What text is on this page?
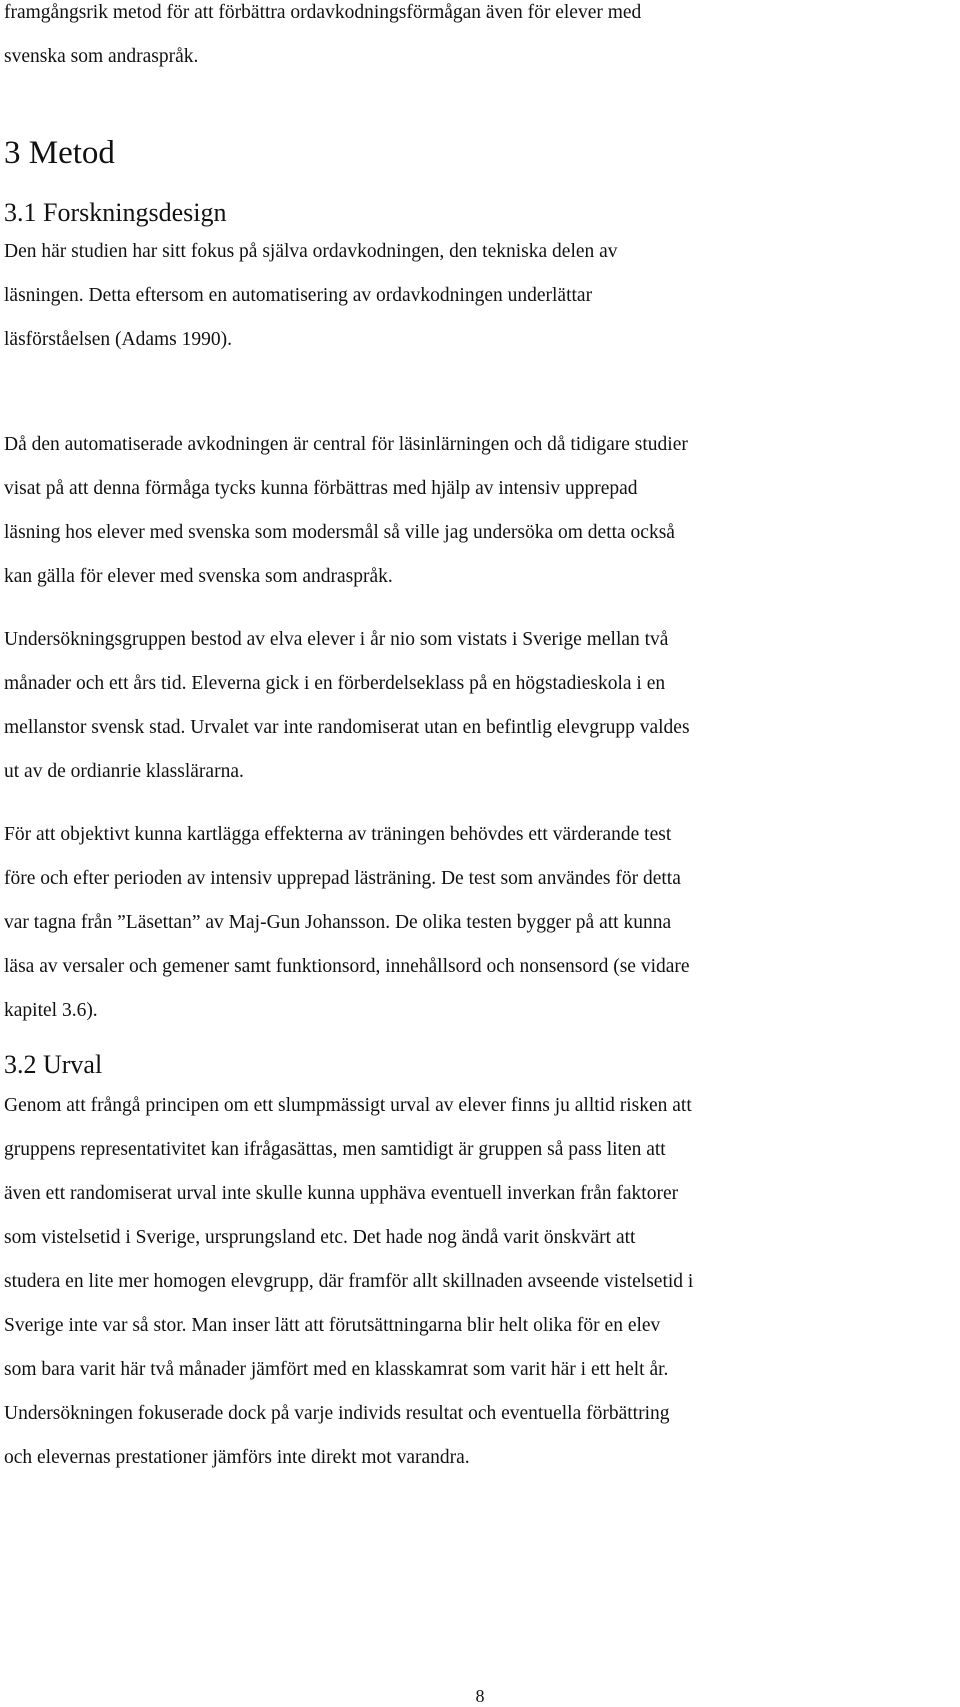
framgångsrik metod för att förbättra ordavkodningsförmågan även för elever med
svenska som andraspråk.

3 Metod
3.1 Forskningsdesign

Den här studien har sitt fokus på själva ordavkodningen, den tekniska delen av
läsningen. Detta eftersom en automatisering av ordavkodningen underlättar
läsförståelsen (Adams 1990).

Då den automatiserade avkodningen är central för läsinlärningen och då tidigare studier
visat på att denna förmåga tycks kunna förbättras med hjälp av intensiv upprepad
läsning hos elever med svenska som modersmål så ville jag undersöka om detta också
kan gälla för elever med svenska som andraspråk.

Undersökningsgruppen bestod av elva elever i år nio som vistats i Sverige mellan två
månader och ett års tid. Eleverna gick i en förberdelseklass på en högstadieskola i en
mellanstor svensk stad. Urvalet var inte randomiserat utan en befintlig elevgrupp valdes
ut av de ordianrie klasslärarna.

För att objektivt kunna kartlägga effekterna av träningen behövdes ett värderande test
före och efter perioden av intensiv upprepad lästräning. De test som användes för detta
var tagna från ”Läsettan” av Maj-Gun Johansson. De olika testen bygger på att kunna
läsa av versaler och gemener samt funktionsord, innehållsord och nonsensord (se vidare
kapitel 3.6).

3.2 Urval

Genom att frångå principen om ett slumpmässigt urval av elever finns ju alltid risken att
gruppens representativitet kan ifrågasättas, men samtidigt är gruppen så pass liten att
även ett randomiserat urval inte skulle kunna upphäva eventuell inverkan från faktorer
som vistelsetid i Sverige, ursprungsland etc. Det hade nog ändå varit önskvärt att
studera en lite mer homogen elevgrupp, där framför allt skillnaden avseende vistelsetid i
Sverige inte var så stor. Man inser lätt att förutsättningarna blir helt olika för en elev
som bara varit här två månader jämfört med en klasskamrat som varit här i ett helt år.
Undersökningen fokuserade dock på varje individs resultat och eventuella förbättring
och elevernas prestationer jämförs inte direkt mot varandra.

8
